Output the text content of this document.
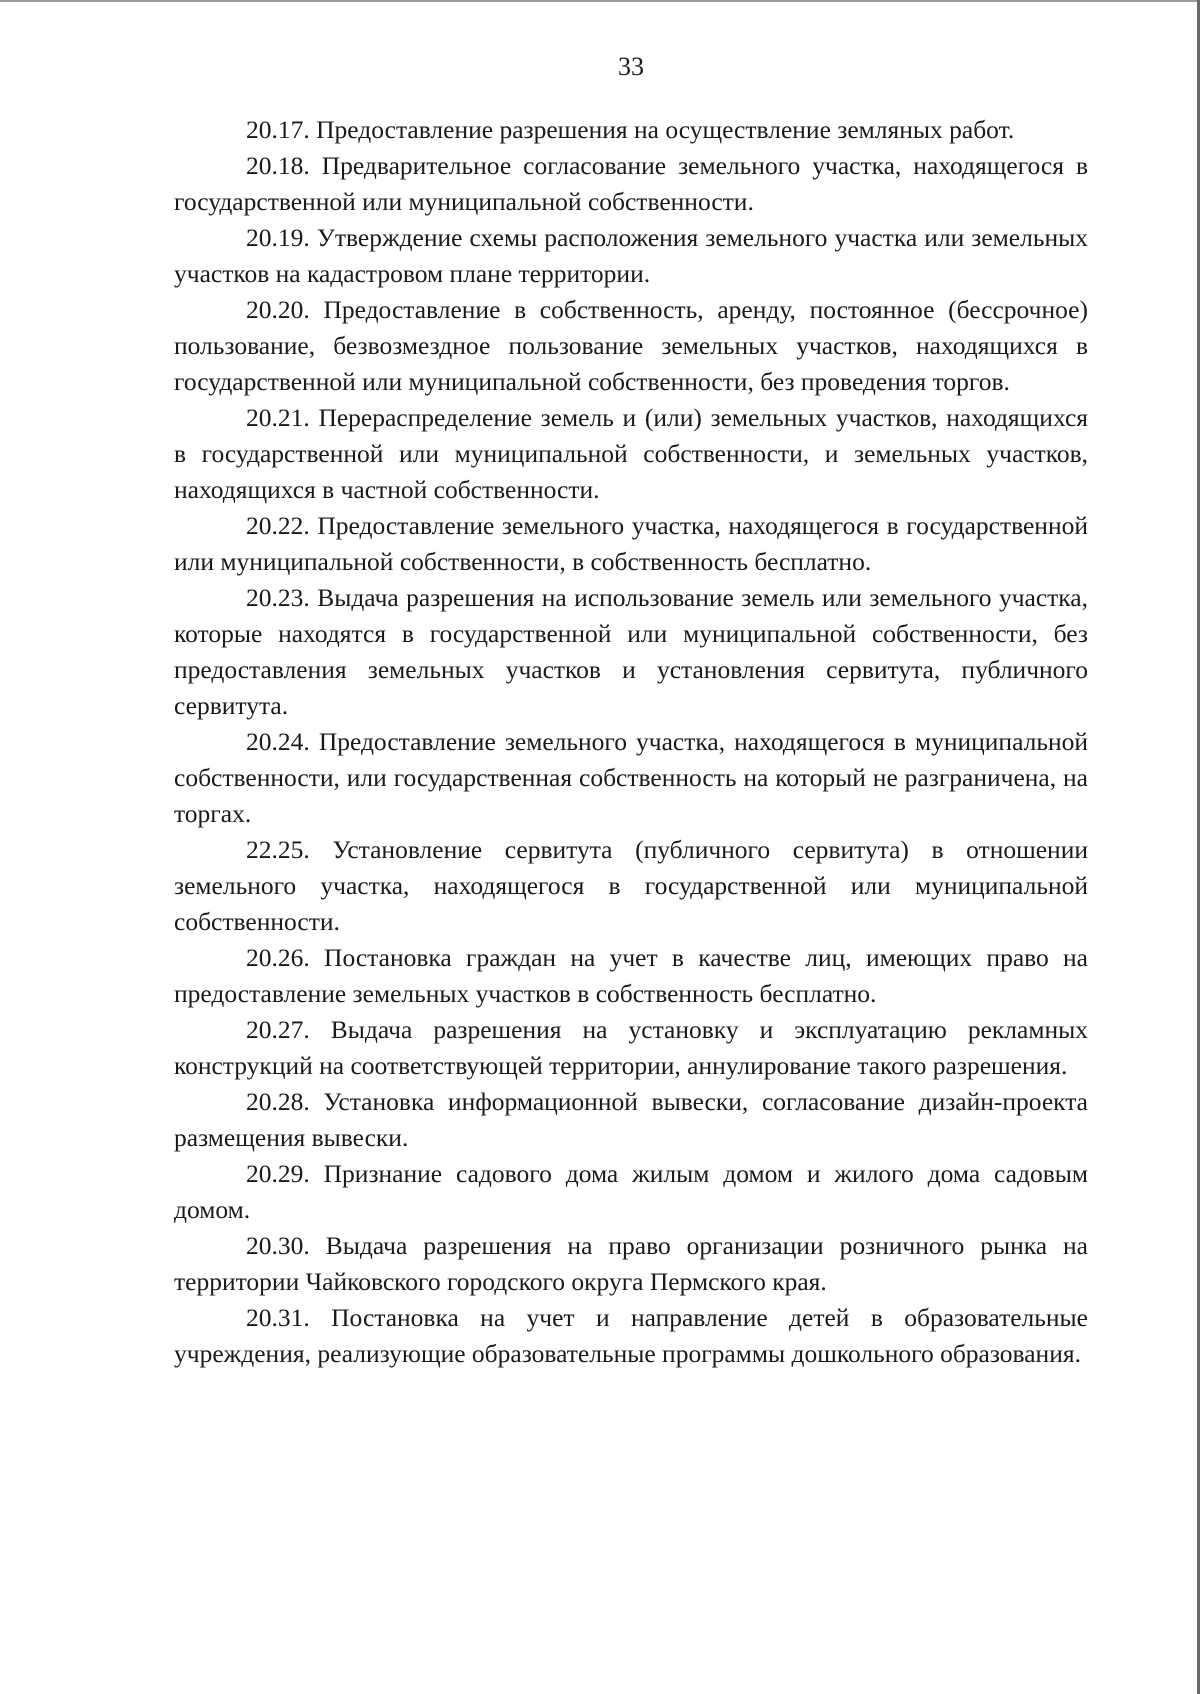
33

20.17. Предоставление разрешения на осуществление земляных работ.

20.18. Предварительное согласование земельного участка, находящегося в государственной или муниципальной собственности.

20.19. Утверждение схемы расположения земельного участка или земельных участков на кадастровом плане территории.

20.20. Предоставление в собственность, аренду, постоянное (бессрочное) пользование, безвозмездное пользование земельных участков, находящихся в государственной или муниципальной собственности, без проведения торгов.

20.21. Перераспределение земель и (или) земельных участков, находящихся в государственной или муниципальной собственности, и земельных участков, находящихся в частной собственности.

20.22. Предоставление земельного участка, находящегося в государственной или муниципальной собственности, в собственность бесплатно.

20.23. Выдача разрешения на использование земель или земельного участка, которые находятся в государственной или муниципальной собственности, без предоставления земельных участков и установления сервитута, публичного сервитута.

20.24. Предоставление земельного участка, находящегося в муниципальной собственности, или государственная собственность на который не разграничена, на торгах.

22.25. Установление сервитута (публичного сервитута) в отношении земельного участка, находящегося в государственной или муниципальной собственности.

20.26. Постановка граждан на учет в качестве лиц, имеющих право на предоставление земельных участков в собственность бесплатно.

20.27. Выдача разрешения на установку и эксплуатацию рекламных конструкций на соответствующей территории, аннулирование такого разрешения.

20.28. Установка информационной вывески, согласование дизайн-проекта размещения вывески.

20.29. Признание садового дома жилым домом и жилого дома садовым домом.

20.30. Выдача разрешения на право организации розничного рынка на территории Чайковского городского округа Пермского края.

20.31. Постановка на учет и направление детей в образовательные учреждения, реализующие образовательные программы дошкольного образования.
